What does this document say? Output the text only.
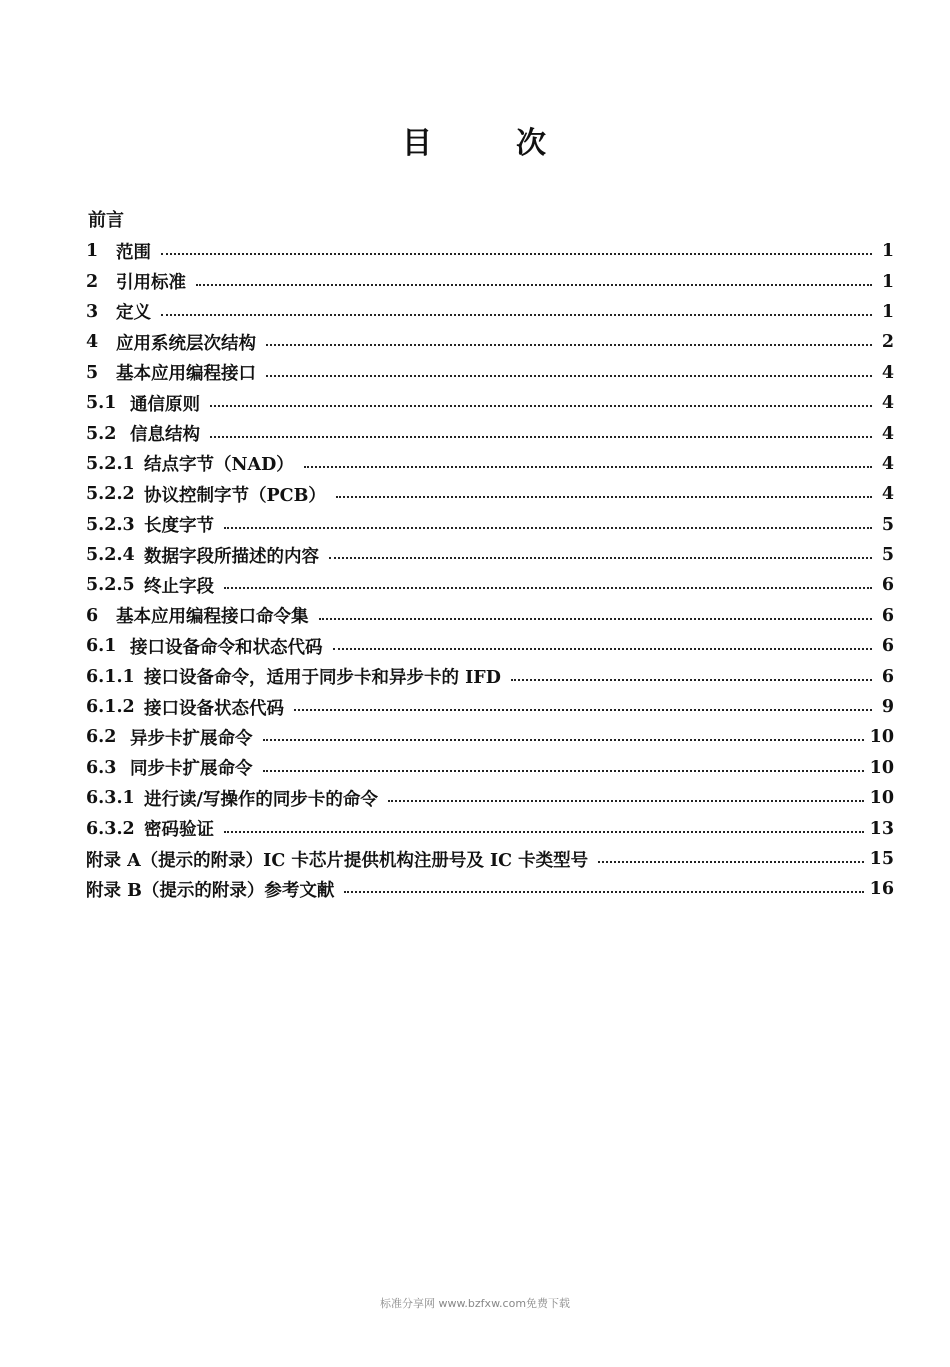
目	次
前言
1	范围	1
2	引用标准	1
3	定义	1
4	应用系统层次结构	2
5	基本应用编程接口	4
5.1 通信原则	4
5.2 信息结构	4
5.2.1 结点字节（NAD）	4
5.2.2 协议控制字节（PCB）	4
5.2.3 长度字节	5
5.2.4 数据字段所描述的内容	5
5.2.5 终止字段	6
6	基本应用编程接口命令集	6
6.1 接口设备命令和状态代码	6
6.1.1 接口设备命令，适用于同步卡和异步卡的 IFD	6
6.1.2 接口设备状态代码	9
6.2 异步卡扩展命令	10
6.3 同步卡扩展命令	10
6.3.1 进行读/写操作的同步卡的命令	10
6.3.2 密码验证	13
附录 A（提示的附录）IC 卡芯片提供机构注册号及 IC 卡类型号	15
附录 B（提示的附录）参考文献	16
标准分享网 www.bzfxw.com免费下载
